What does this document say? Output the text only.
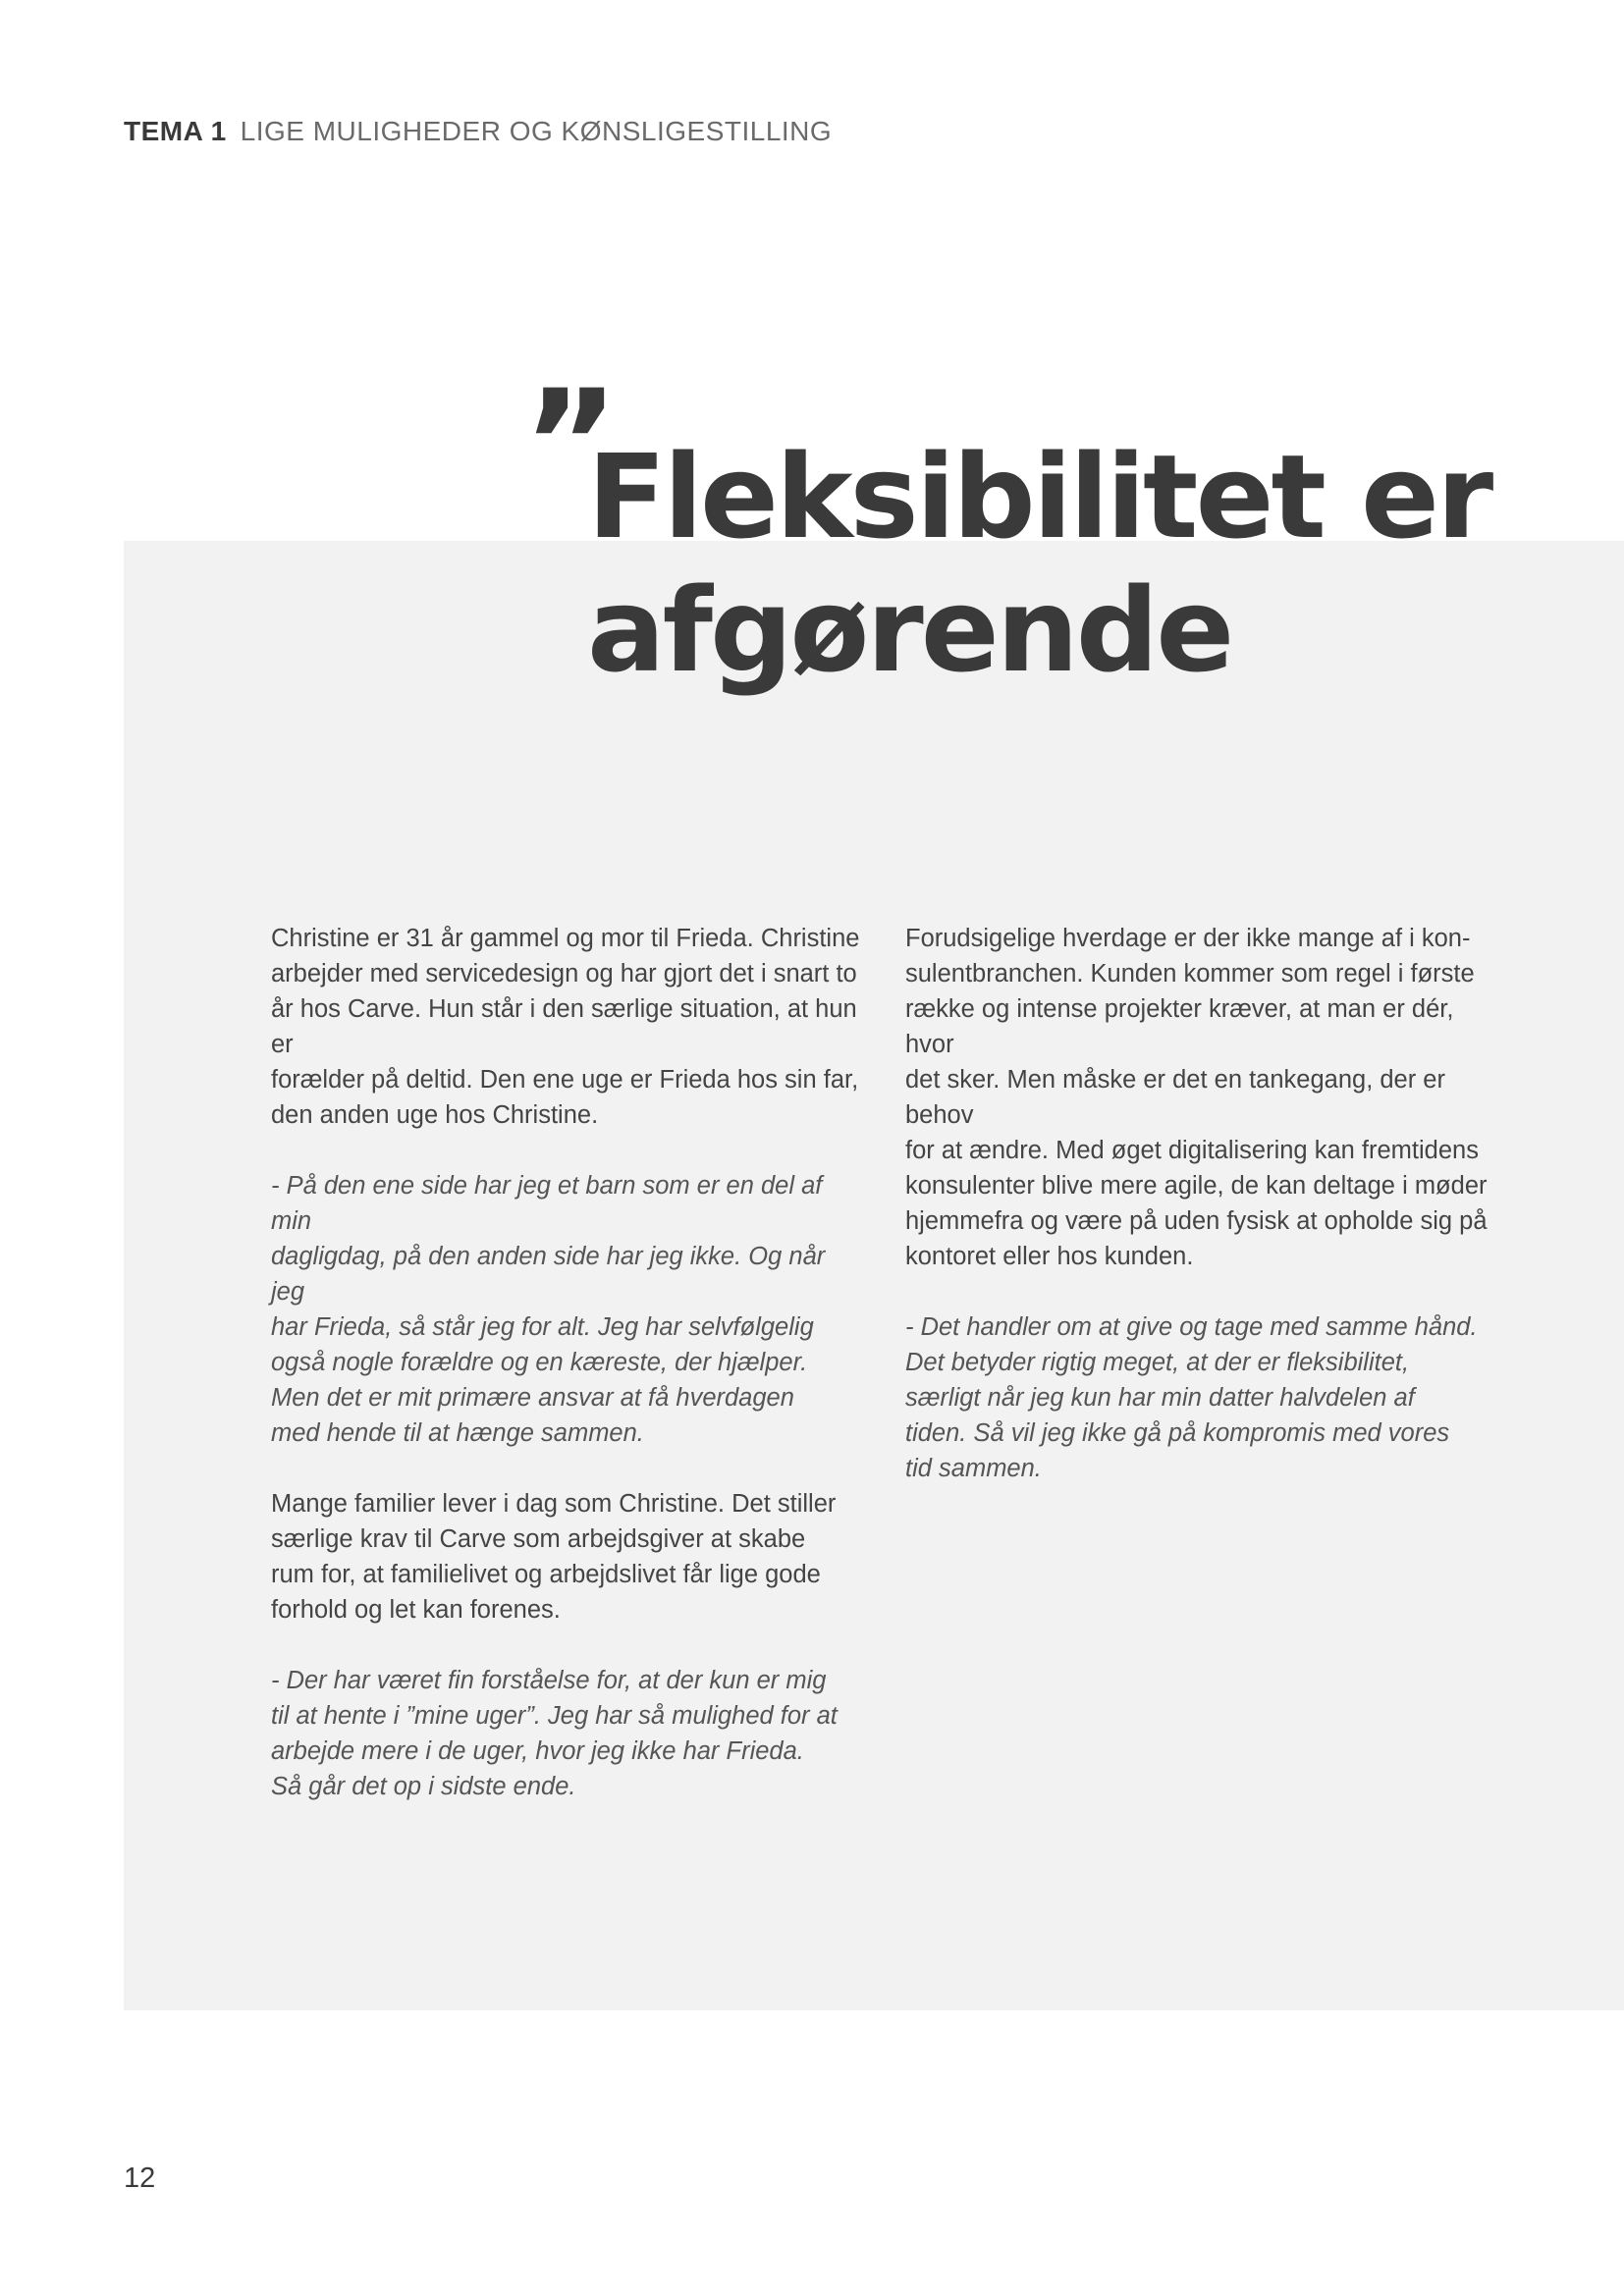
TEMA 1 LIGE MULIGHEDER OG KØNSLIGESTILLING
”
Fleksibilitet er afgørende

Christine er 31 år gammel og mor til Frieda. Christine
arbejder med servicedesign og har gjort det i snart to
år hos Carve. Hun står i den særlige situation, at hun er
forælder på deltid. Den ene uge er Frieda hos sin far,
den anden uge hos Christine.

- På den ene side har jeg et barn som er en del af min
dagligdag, på den anden side har jeg ikke. Og når jeg
har Frieda, så står jeg for alt. Jeg har selvfølgelig
også nogle forældre og en kæreste, der hjælper.
Men det er mit primære ansvar at få hverdagen
med hende til at hænge sammen.

Mange familier lever i dag som Christine. Det stiller
særlige krav til Carve som arbejdsgiver at skabe
rum for, at familielivet og arbejdslivet får lige gode
forhold og let kan forenes.

- Der har været fin forståelse for, at der kun er mig
til at hente i ”mine uger”. Jeg har så mulighed for at
arbejde mere i de uger, hvor jeg ikke har Frieda.
Så går det op i sidste ende.

Forudsigelige hverdage er der ikke mange af i kon-
sulentbranchen. Kunden kommer som regel i første
række og intense projekter kræver, at man er dér, hvor
det sker. Men måske er det en tankegang, der er behov
for at ændre. Med øget digitalisering kan fremtidens
konsulenter blive mere agile, de kan deltage i møder
hjemmefra og være på uden fysisk at opholde sig på
kontoret eller hos kunden.

- Det handler om at give og tage med samme hånd.
Det betyder rigtig meget, at der er fleksibilitet,
særligt når jeg kun har min datter halvdelen af
tiden. Så vil jeg ikke gå på kompromis med vores
tid sammen.

12
